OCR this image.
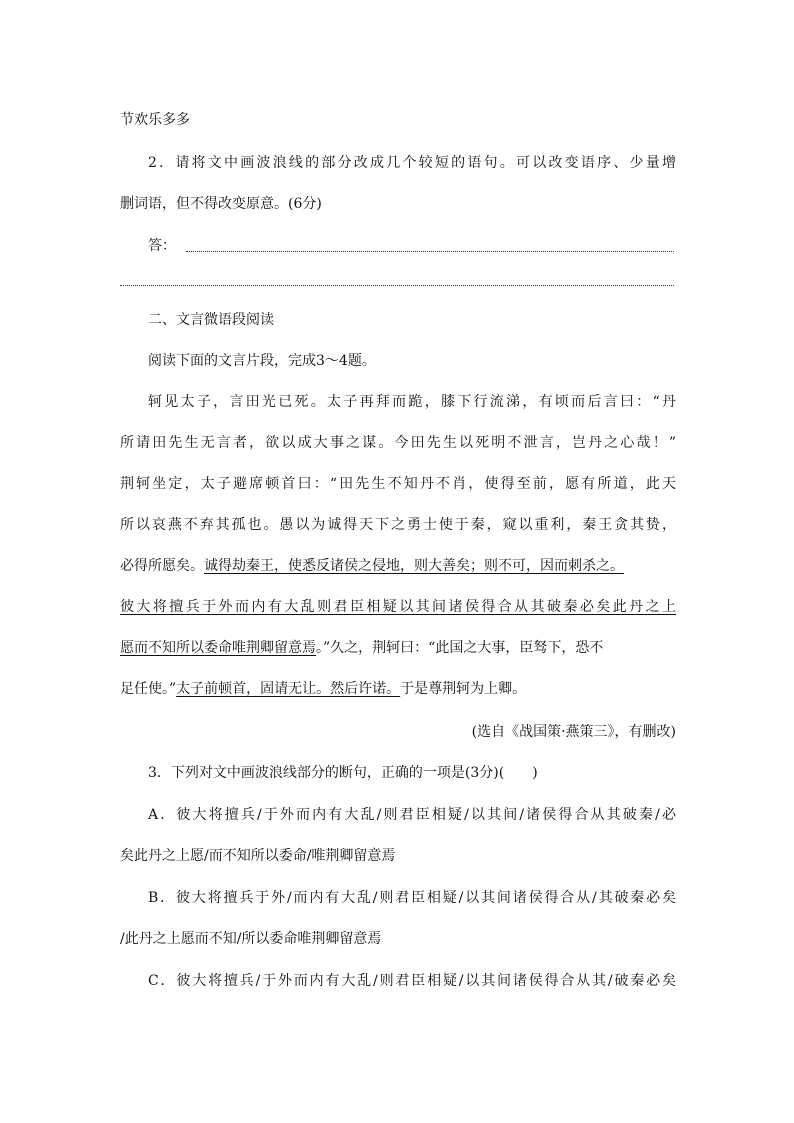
节欢乐多多
2．请将文中画波浪线的部分改成几个较短的语句。可以改变语序、少量增
删词语，但不得改变原意。(6分)
答：
二、文言微语段阅读
阅读下面的文言片段，完成3～4题。
轲见太子，言田光已死。太子再拜而跪，膝下行流涕，有顷而后言曰：“丹
所请田先生无言者，欲以成大事之谋。今田先生以死明不泄言，岂丹之心哉！”
荆轲坐定，太子避席顿首曰：“田先生不知丹不肖，使得至前，愿有所道，此天
所以哀燕不弃其孤也。愚以为诚得天下之勇士使于秦，窥以重利，秦王贪其贽，
必得所愿矣。诚得劫秦王，使悉反诸侯之侵地，则大善矣；则不可，因而刺杀之。
彼大将擅兵于外而内有大乱则君臣相疑以其间诸侯得合从其破秦必矣此丹之上
愿而不知所以委命唯荆卿留意焉。”久之，荆轲曰：“此国之大事，臣驽下，恐不
足任使。”太子前顿首，固请无让。然后许诺。于是尊荆轲为上卿。
(选自《战国策·燕策三》，有删改)
3．下列对文中画波浪线部分的断句，正确的一项是(3分)(　　)
A．彼大将擅兵/于外而内有大乱/则君臣相疑/以其间/诸侯得合从其破秦/必
矣此丹之上愿/而不知所以委命/唯荆卿留意焉
B．彼大将擅兵于外/而内有大乱/则君臣相疑/以其间诸侯得合从/其破秦必矣
/此丹之上愿而不知/所以委命唯荆卿留意焉
C．彼大将擅兵/于外而内有大乱/则君臣相疑/以其间诸侯得合从其/破秦必矣
